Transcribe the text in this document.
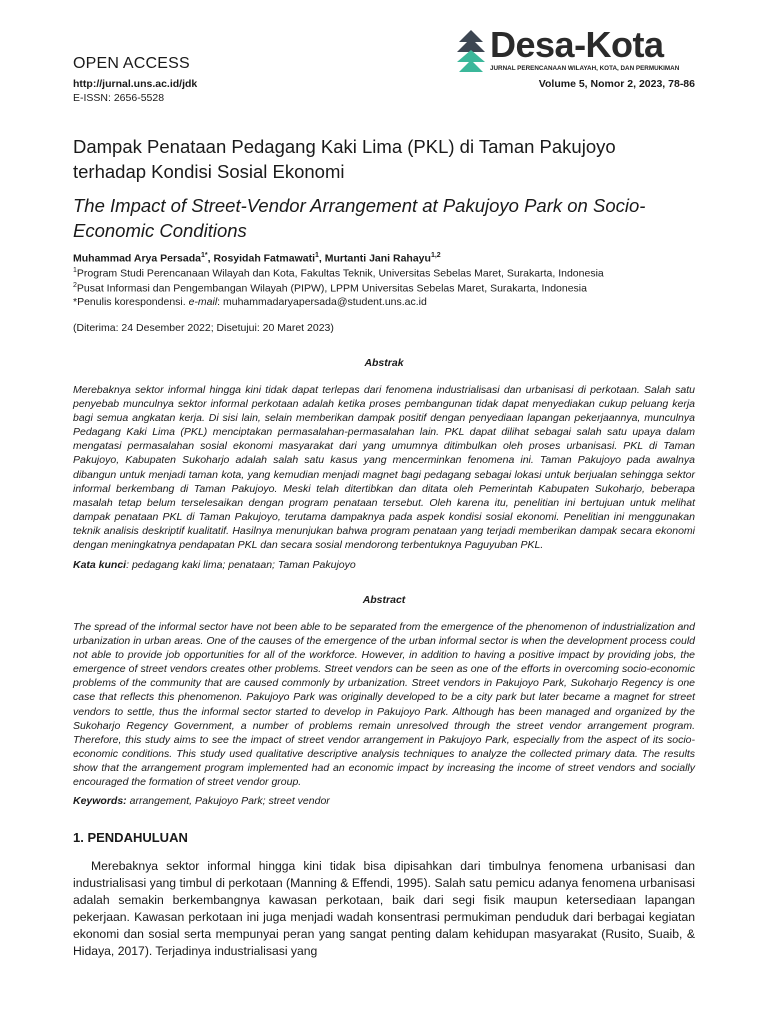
OPEN ACCESS
http://jurnal.uns.ac.id/jdk
E-ISSN: 2656-5528
Desa-Kota
JURNAL PERENCANAAN WILAYAH, KOTA, DAN PERMUKIMAN
Volume 5, Nomor 2, 2023, 78-86
Dampak Penataan Pedagang Kaki Lima (PKL) di Taman Pakujoyo terhadap Kondisi Sosial Ekonomi
The Impact of Street-Vendor Arrangement at Pakujoyo Park on Socio-Economic Conditions
Muhammad Arya Persada$^{1*}$, Rosyidah Fatmawati$^1$, Murtanti Jani Rahayu$^{1,2}$
$^1$Program Studi Perencanaan Wilayah dan Kota, Fakultas Teknik, Universitas Sebelas Maret, Surakarta, Indonesia
$^2$Pusat Informasi dan Pengembangan Wilayah (PIPW), LPPM Universitas Sebelas Maret, Surakarta, Indonesia
*Penulis korespondensi. e-mail: muhammadaryapersada@student.uns.ac.id
(Diterima: 24 Desember 2022; Disetujui: 20 Maret 2023)
Abstrak

Merebaknya sektor informal hingga kini tidak dapat terlepas dari fenomena industrialisasi dan urbanisasi di perkotaan. Salah satu penyebab munculnya sektor informal perkotaan adalah ketika proses pembangunan tidak dapat menyediakan cukup peluang kerja bagi semua angkatan kerja. Di sisi lain, selain memberikan dampak positif dengan penyediaan lapangan pekerjaannya, munculnya Pedagang Kaki Lima (PKL) menciptakan permasalahan-permasalahan lain. PKL dapat dilihat sebagai salah satu upaya dalam mengatasi permasalahan sosial ekonomi masyarakat dari yang umumnya ditimbulkan oleh proses urbanisasi. PKL di Taman Pakujoyo, Kabupaten Sukoharjo adalah salah satu kasus yang mencerminkan fenomena ini. Taman Pakujoyo pada awalnya dibangun untuk menjadi taman kota, yang kemudian menjadi magnet bagi pedagang sebagai lokasi untuk berjualan sehingga sektor informal berkembang di Taman Pakujoyo. Meski telah ditertibkan dan ditata oleh Pemerintah Kabupaten Sukoharjo, beberapa masalah tetap belum terselesaikan dengan program penataan tersebut. Oleh karena itu, penelitian ini bertujuan untuk melihat dampak penataan PKL di Taman Pakujoyo, terutama dampaknya pada aspek kondisi sosial ekonomi. Penelitian ini menggunakan teknik analisis deskriptif kualitatif. Hasilnya menunjukan bahwa program penataan yang terjadi memberikan dampak secara ekonomi dengan meningkatnya pendapatan PKL dan secara sosial mendorong terbentuknya Paguyuban PKL.

Kata kunci: pedagang kaki lima; penataan; Taman Pakujoyo
Abstract

The spread of the informal sector have not been able to be separated from the emergence of the phenomenon of industrialization and urbanization in urban areas. One of the causes of the emergence of the urban informal sector is when the development process could not able to provide job opportunities for all of the workforce. However, in addition to having a positive impact by providing jobs, the emergence of street vendors creates other problems. Street vendors can be seen as one of the efforts in overcoming socio-economic problems of the community that are caused commonly by urbanization. Street vendors in Pakujoyo Park, Sukoharjo Regency is one case that reflects this phenomenon. Pakujoyo Park was originally developed to be a city park but later became a magnet for street vendors to settle, thus the informal sector started to develop in Pakujoyo Park. Although has been managed and organized by the Sukoharjo Regency Government, a number of problems remain unresolved through the street vendor arrangement program. Therefore, this study aims to see the impact of street vendor arrangement in Pakujoyo Park, especially from the aspect of its socio-economic conditions. This study used qualitative descriptive analysis techniques to analyze the collected primary data. The results show that the arrangement program implemented had an economic impact by increasing the income of street vendors and socially encouraged the formation of street vendor group.

Keywords: arrangement, Pakujoyo Park; street vendor
1. PENDAHULUAN

Merebaknya sektor informal hingga kini tidak bisa dipisahkan dari timbulnya fenomena urbanisasi dan industrialisasi yang timbul di perkotaan (Manning & Effendi, 1995). Salah satu pemicu adanya fenomena urbanisasi adalah semakin berkembangnya kawasan perkotaan, baik dari segi fisik maupun ketersediaan lapangan pekerjaan. Kawasan perkotaan ini juga menjadi wadah konsentrasi permukiman penduduk dari berbagai kegiatan ekonomi dan sosial serta mempunyai peran yang sangat penting dalam kehidupan masyarakat (Rusito, Suaib, & Hidaya, 2017). Terjadinya industrialisasi yang
